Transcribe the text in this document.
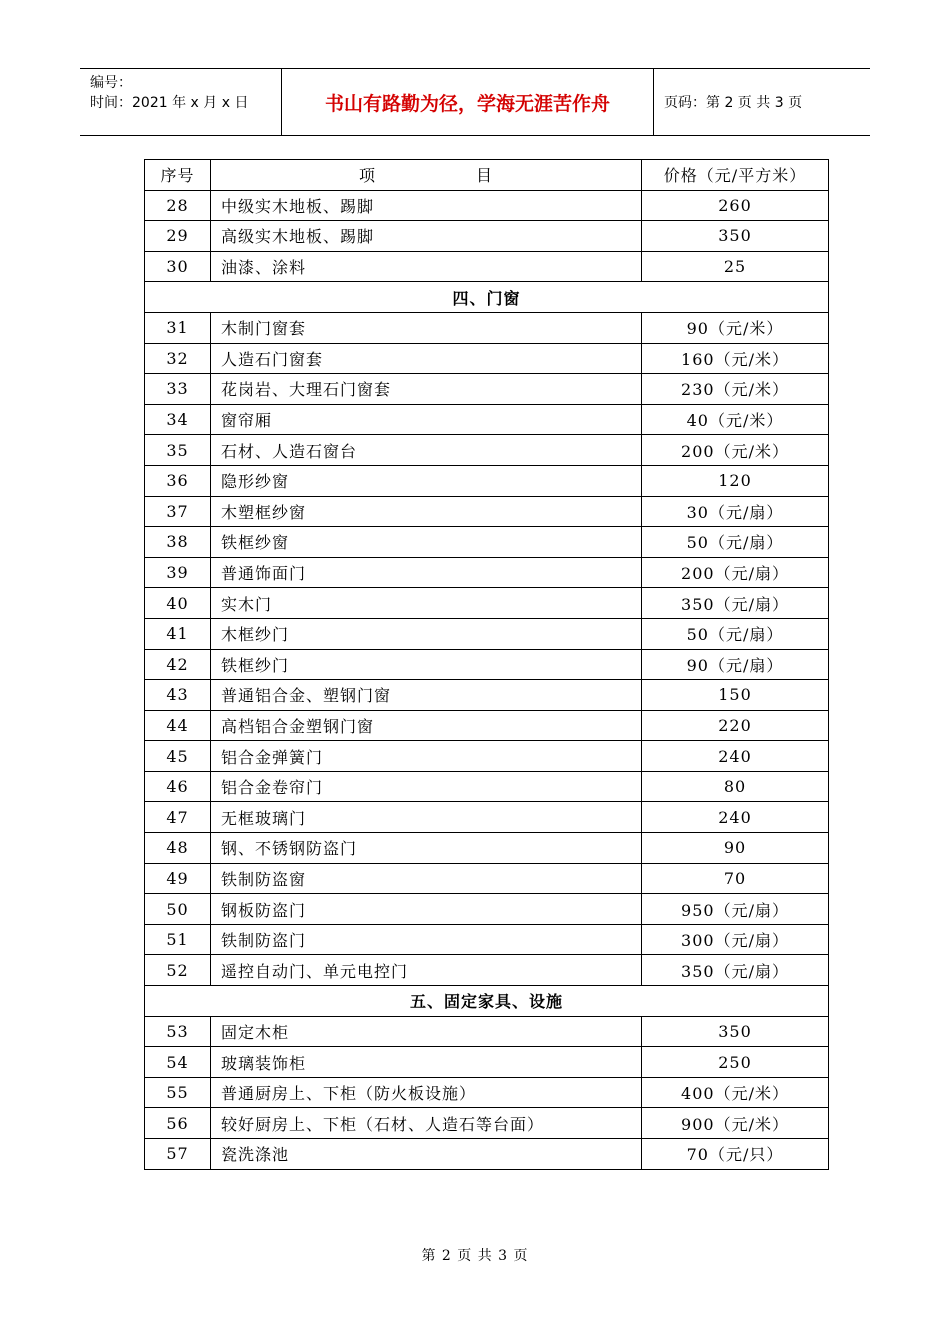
编号：
时间：2021 年 x 月 x 日	书山有路勤为径，学海无涯苦作舟	页码：第 2 页 共 3 页
序号	项 目	价格（元/平方米）
28	中级实木地板、踢脚	260
29	高级实木地板、踢脚	350
30	油漆、涂料	25
四、门窗		
31	木制门窗套	90（元/米）
32	人造石门窗套	160（元/米）
33	花岗岩、大理石门窗套	230（元/米）
34	窗帘厢	40（元/米）
35	石材、人造石窗台	200（元/米）
36	隐形纱窗	120
37	木塑框纱窗	30（元/扇）
38	铁框纱窗	50（元/扇）
39	普通饰面门	200（元/扇）
40	实木门	350（元/扇）
41	木框纱门	50（元/扇）
42	铁框纱门	90（元/扇）
43	普通铝合金、塑钢门窗	150
44	高档铝合金塑钢门窗	220
45	铝合金弹簧门	240
46	铝合金卷帘门	80
47	无框玻璃门	240
48	钢、不锈钢防盗门	90
49	铁制防盗窗	70
50	钢板防盗门	950（元/扇）
51	铁制防盗门	300（元/扇）
52	遥控自动门、单元电控门	350（元/扇）
五、固定家具、设施		
53	固定木柜	350
54	玻璃装饰柜	250
55	普通厨房上、下柜（防火板设施）	400（元/米）
56	较好厨房上、下柜（石材、人造石等台面）	900（元/米）
57	瓷洗涤池	70（元/只）
第 2 页 共 3 页
